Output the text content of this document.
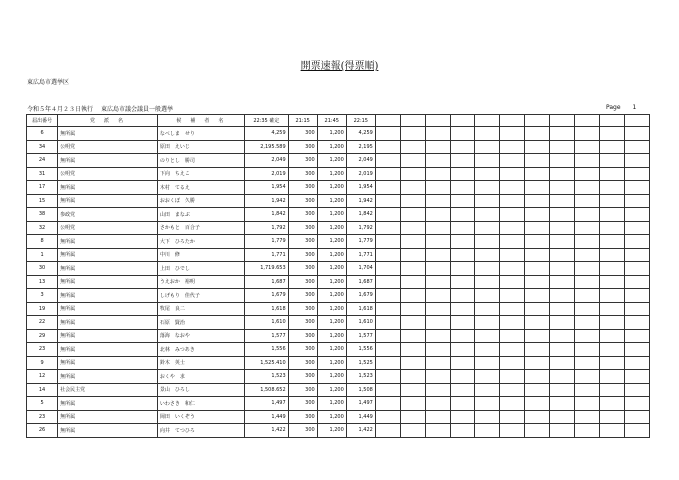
開票速報(得票順)
東広島市選挙区
令和５年４月２３日執行 東広島市議会議員一般選挙	Page 1
届出番号	党　派　名	候　補　者　名	22:35 確定	21:15	21:45	22:15											
6	無所属	なべしま　せり	4,259	300	1,200	4,259											
34	公明党	原田　えいじ	2,195.589	300	1,200	2,195											
24	無所属	のりとし　勝司	2,049	300	1,200	2,049											
31	公明党	下向　ちえこ	2,019	300	1,200	2,019											
17	無所属	木村　てるえ	1,954	300	1,200	1,954											
15	無所属	おおくぼ　久勝	1,942	300	1,200	1,942											
38	参政党	山田　まなぶ	1,842	300	1,200	1,842											
32	公明党	さかもと　百合子	1,792	300	1,200	1,792											
8	無所属	大下　ひろたか	1,779	300	1,200	1,779											
1	無所属	中川　修	1,771	300	1,200	1,771											
30	無所属	上田　ひでし	1,719.653	300	1,200	1,704											
13	無所属	うえおか　裕明	1,687	300	1,200	1,687											
3	無所属	しげもり　佳代子	1,679	300	1,200	1,679											
19	無所属	牧尾　良二	1,618	300	1,200	1,618											
22	無所属	石原　賢治	1,610	300	1,200	1,610											
29	無所属	落海　なおや	1,577	300	1,200	1,577											
23	無所属	北林　みつあき	1,556	300	1,200	1,556											
9	無所属	鈴木　英士	1,525.410	300	1,200	1,525											
12	無所属	おくや　求	1,523	300	1,200	1,523											
14	社会民主党	景山　ひろし	1,508.652	300	1,200	1,508											
5	無所属	いわさき　和仁	1,497	300	1,200	1,497											
23	無所属	岡田　いくぞう	1,449	300	1,200	1,449											
26	無所属	向井　てつひろ	1,422	300	1,200	1,422											
